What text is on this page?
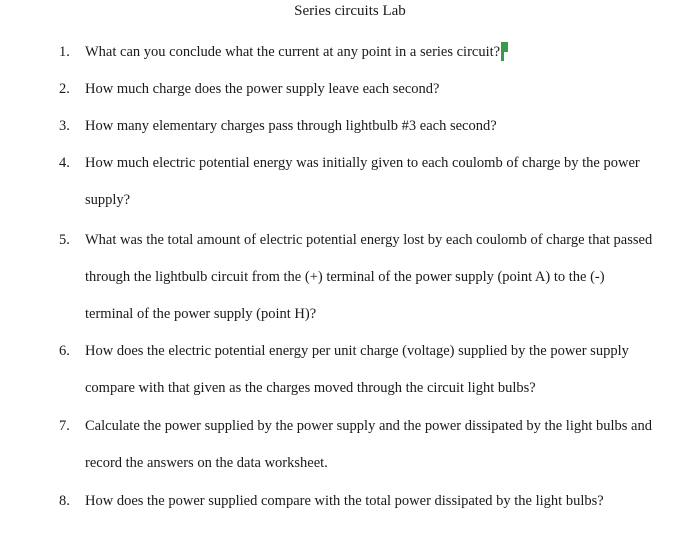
Series circuits Lab
1.	What can you conclude what the current at any point in a series circuit?
2.	How much charge does the power supply leave each second?
3.	How many elementary charges pass through lightbulb #3 each second?
4.	How much electric potential energy was initially given to each coulomb of charge by the power supply?
5.	What was the total amount of electric potential energy lost by each coulomb of charge that passed through the lightbulb circuit from the (+) terminal of the power supply (point A) to the (-) terminal of the power supply (point H)?
6.	How does the electric potential energy per unit charge (voltage) supplied by the power supply compare with that given as the charges moved through the circuit light bulbs?
7.	Calculate the power supplied by the power supply and the power dissipated by the light bulbs and record the answers on the data worksheet.
8.	How does the power supplied compare with the total power dissipated by the light bulbs?
